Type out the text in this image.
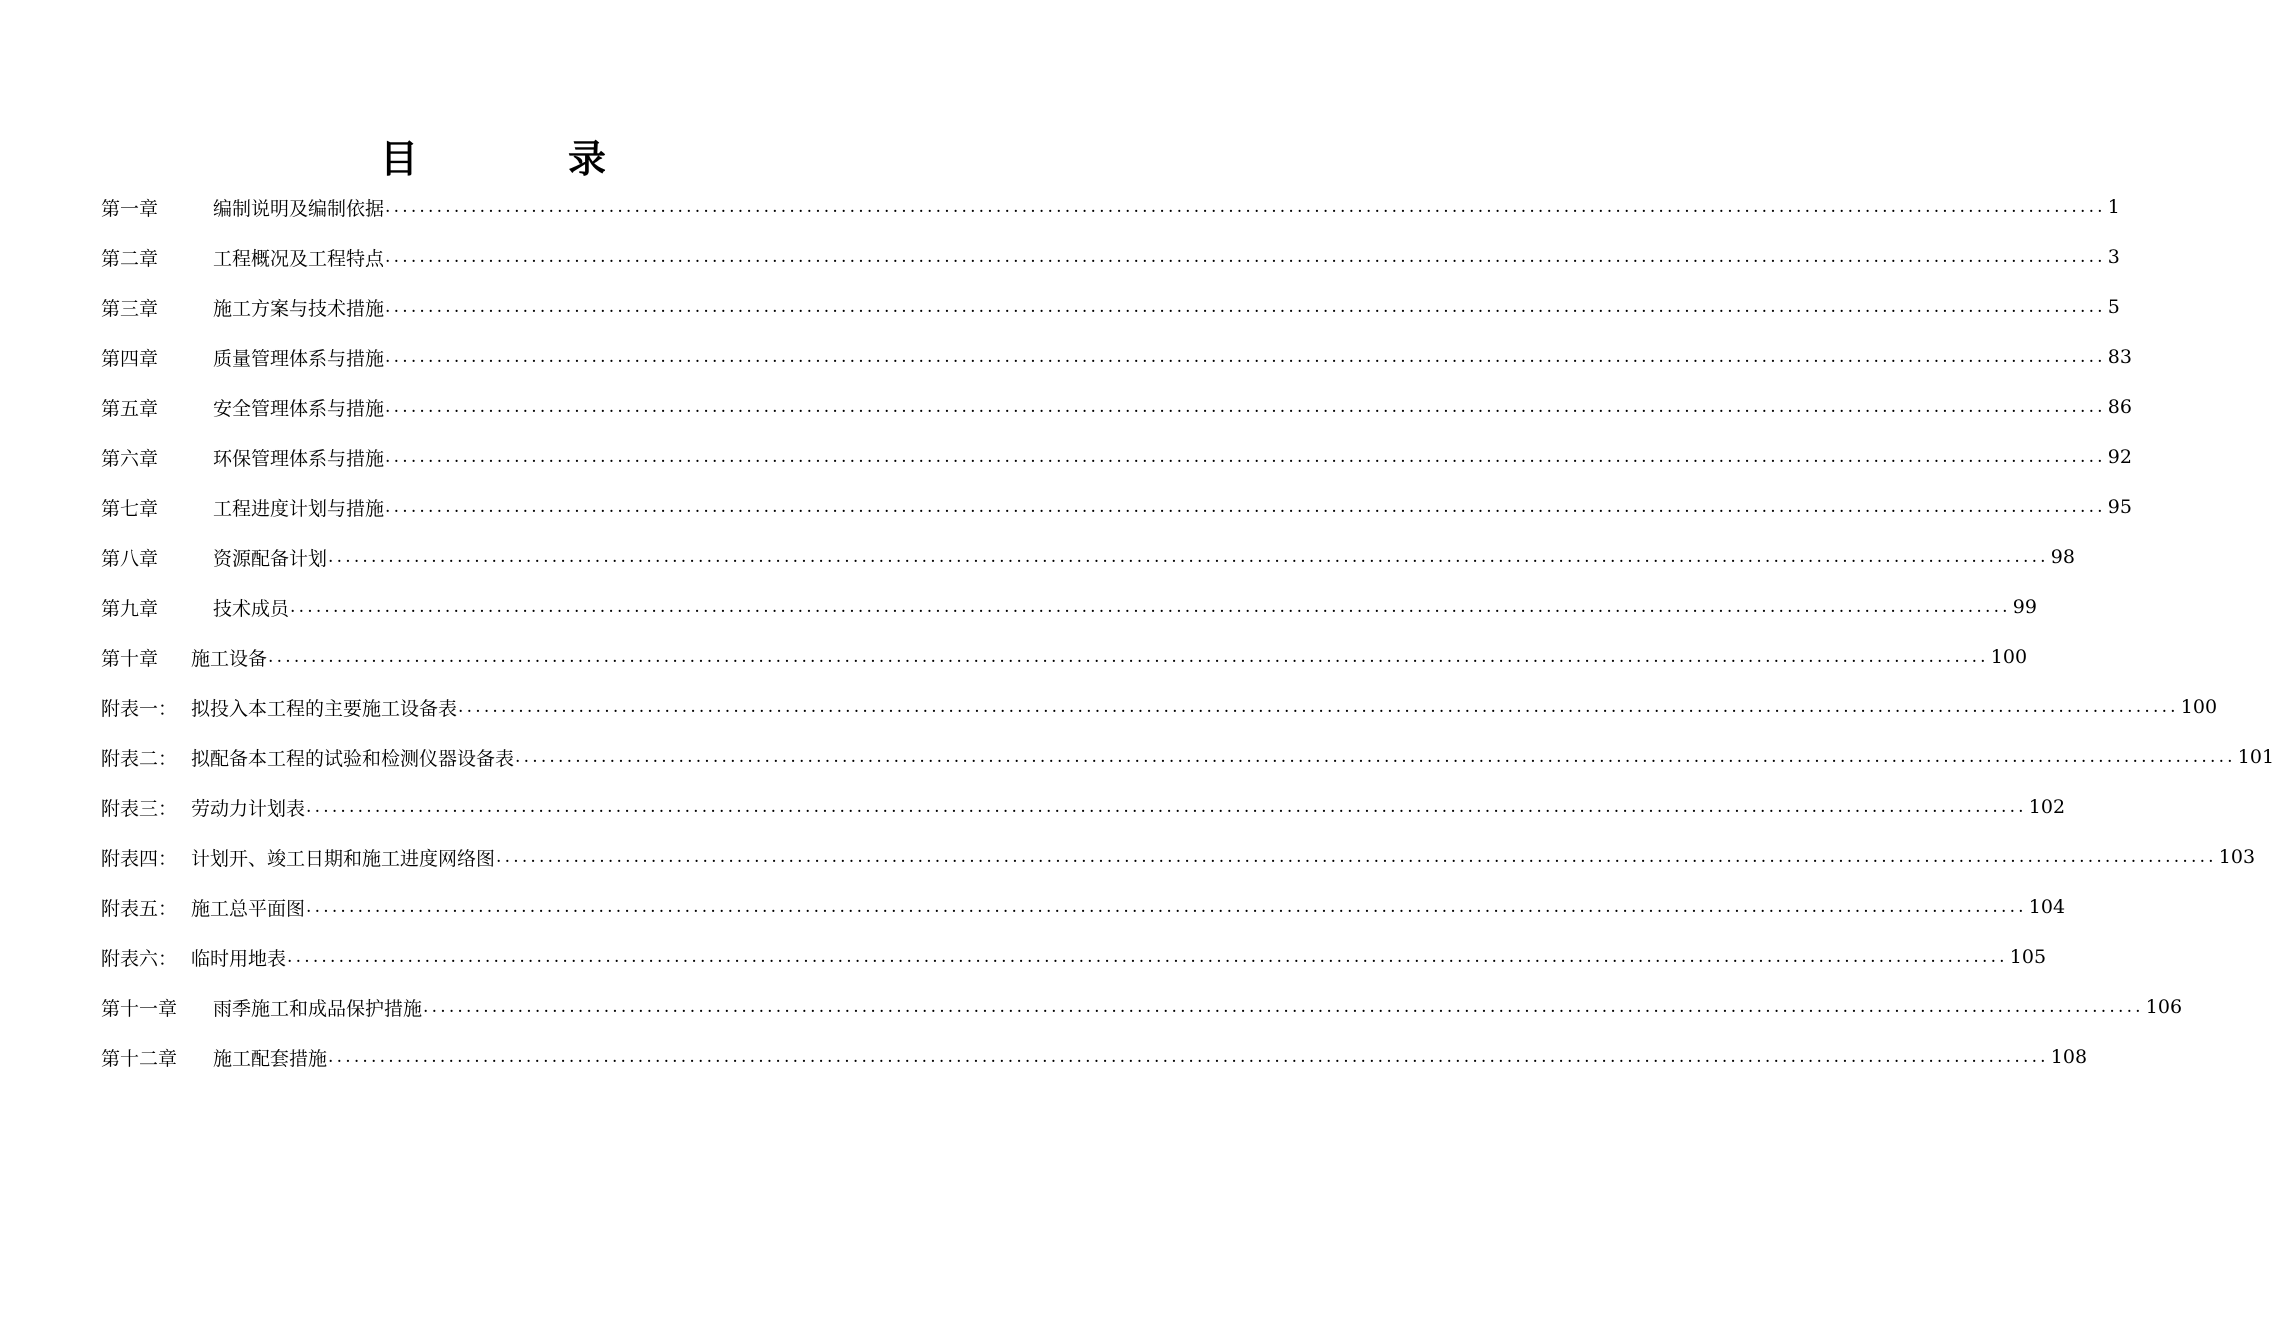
目	录
第一章	编制说明及编制依据 ........................................................................................................................................................................................................ 1
第二章	工程概况及工程特点 ........................................................................................................................................................................................................ 3
第三章	施工方案与技术措施 ........................................................................................................................................................................................................ 5
第四章	质量管理体系与措施 ........................................................................................................................................................................................................ 83
第五章	安全管理体系与措施 ........................................................................................................................................................................................................ 86
第六章	环保管理体系与措施 ........................................................................................................................................................................................................ 92
第七章	工程进度计划与措施 ........................................................................................................................................................................................................ 95
第八章	资源配备计划 ........................................................................................................................................................................................................ 98
第九章	技术成员 ........................................................................................................................................................................................................ 99
第十章	施工设备 ........................................................................................................................................................................................................ 100
附表一： 拟投入本工程的主要施工设备表 ........................................................................................................................................................................................................ 100
附表二： 拟配备本工程的试验和检测仪器设备表 ........................................................................................................................................................................................................ 101
附表三： 劳动力计划表 ........................................................................................................................................................................................................ 102
附表四： 计划开、竣工日期和施工进度网络图 ........................................................................................................................................................................................................ 103
附表五： 施工总平面图 ........................................................................................................................................................................................................ 104
附表六： 临时用地表 ........................................................................................................................................................................................................ 105
第十一章	雨季施工和成品保护措施 ........................................................................................................................................................................................................ 106
第十二章	施工配套措施 ........................................................................................................................................................................................................ 108
